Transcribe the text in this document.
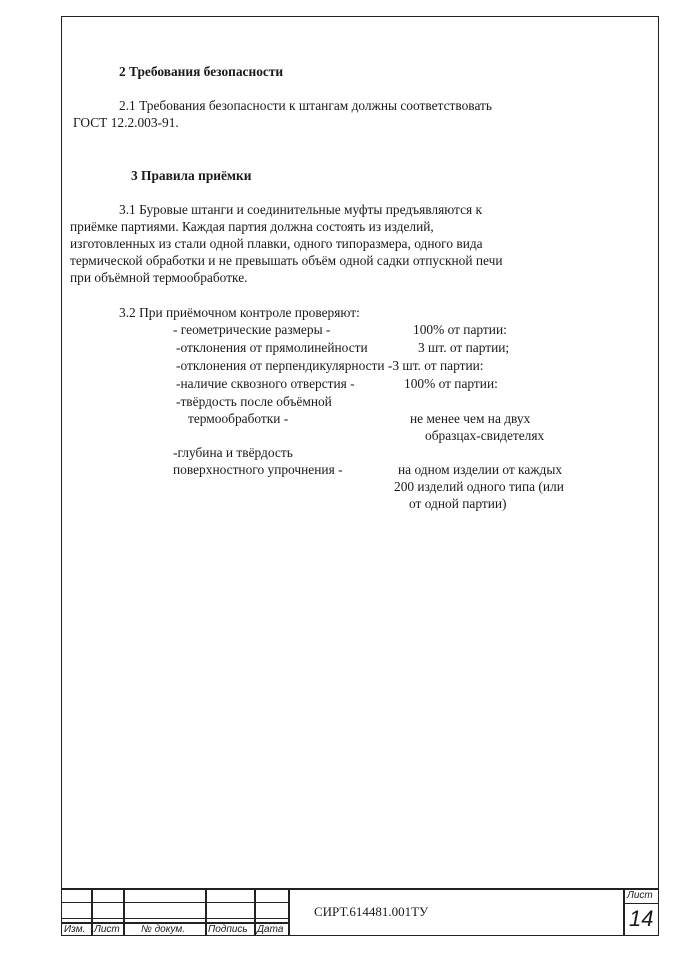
2 Требования безопасности
2.1 Требования безопасности к штангам должны соответствовать
ГОСТ 12.2.003-91.
3 Правила приёмки
3.1 Буровые штанги и соединительные муфты предъявляются к
приёмке партиями. Каждая партия должна состоять из изделий,
изготовленных из стали одной плавки, одного типоразмера, одного вида
термической обработки и не превышать объём одной садки отпускной печи
при объёмной термообработке.
3.2 При приёмочном контроле проверяют:
- геометрические размеры -	100% от партии:
-отклонения от прямолинейности	3 шт. от партии;
-отклонения от перпендикулярности -3 шт. от партии:
-наличие сквозного отверстия -	100% от партии:
-твёрдость после объёмной
термообработки -	не менее чем на двух
образцах-свидетелях
-глубина и твёрдость
поверхностного упрочнения -	на одном изделии от каждых
200 изделий одного типа (или
от одной партии)
Изм. Лист № докум. Подпись Дата
СИРТ.614481.001ТУ
Лист
14
